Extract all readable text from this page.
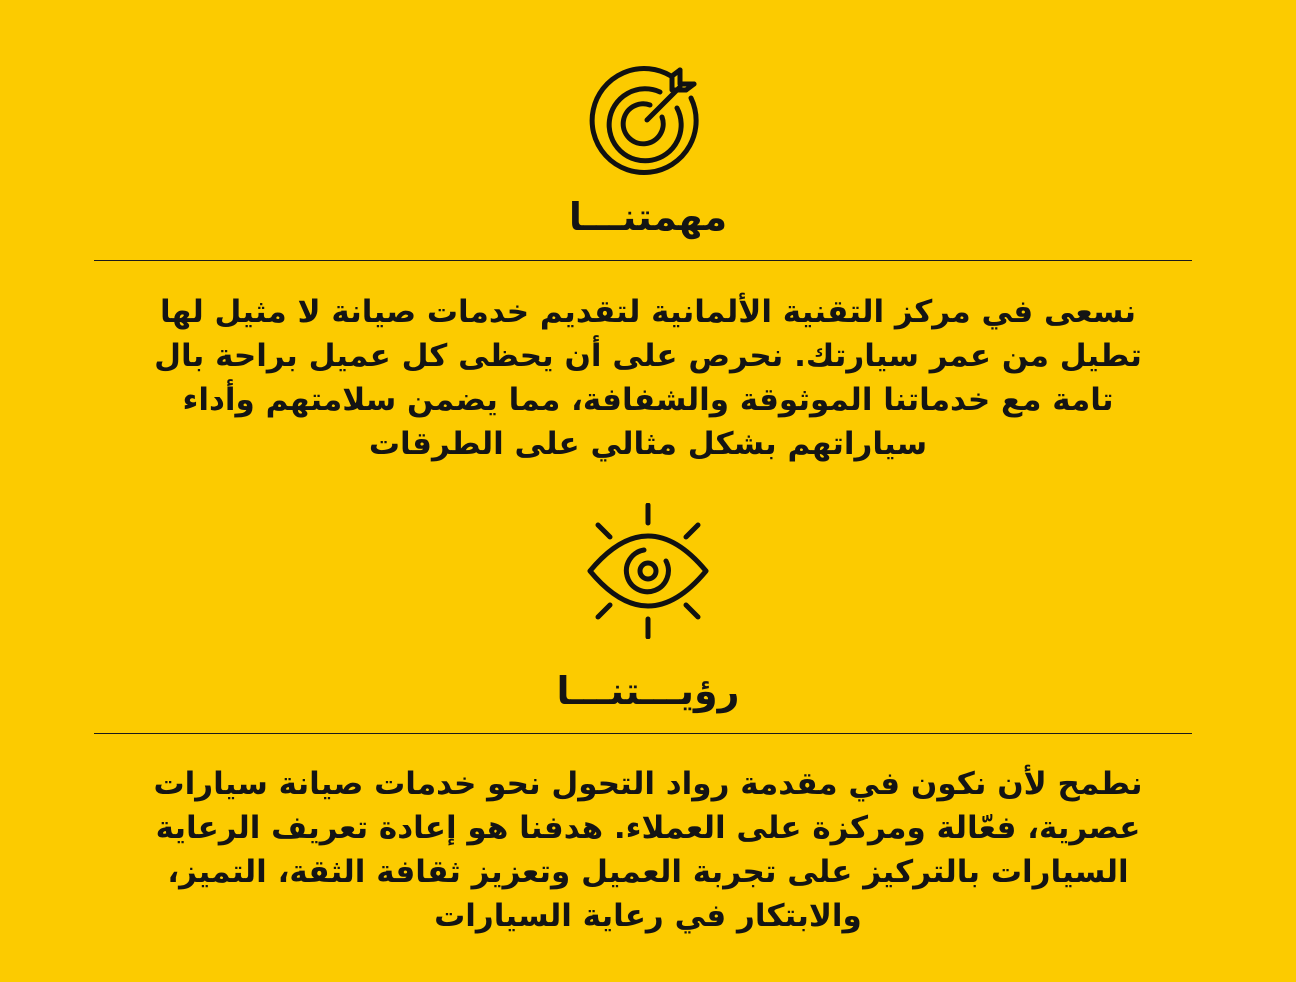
مهمتنـــا

نسعى في مركز التقنية الألمانية لتقديم خدمات صيانة لا مثيل لها تطيل من عمر سيارتك. نحرص على أن يحظى كل عميل براحة بال تامة مع خدماتنا الموثوقة والشفافة، مما يضمن سلامتهم وأداء سياراتهم بشكل مثالي على الطرقات

رؤيـــتنـــا

نطمح لأن نكون في مقدمة رواد التحول نحو خدمات صيانة سيارات عصرية، فعّالة ومركزة على العملاء. هدفنا هو إعادة تعريف الرعاية السيارات بالتركيز على تجربة العميل وتعزيز ثقافة الثقة، التميز، والابتكار في رعاية السيارات
